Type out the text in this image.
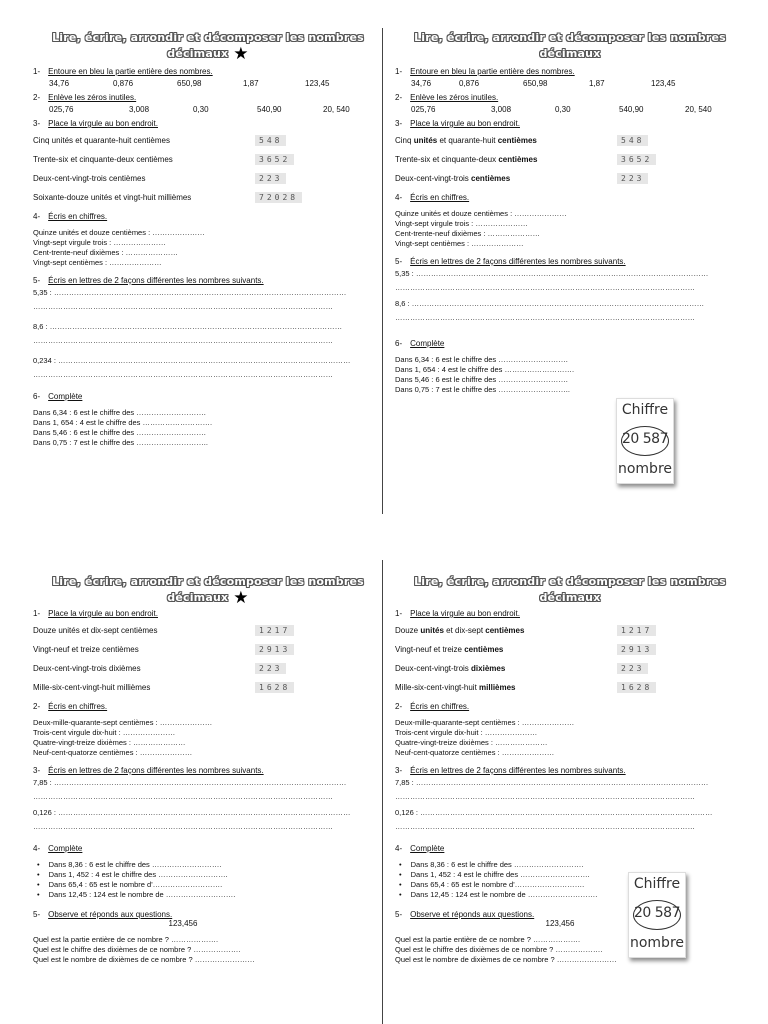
Lire, écrire, arrondir et décomposer les nombres
décimaux ★
1- Entoure en bleu la partie entière des nombres.
34,76	0,876	650,98	1,87	123,45
2- Enlève les zéros inutiles.
025,76	3,008	0,30	540,90	20, 540
3- Place la virgule au bon endroit.
Cinq unités et quarante-huit centièmes	548
Trente-six et cinquante-deux centièmes	3652
Deux-cent-vingt-trois centièmes	223
Soixante-douze unités et vingt-huit millièmes	72028
4- Écris en chiffres.
Quinze unités et douze centièmes : …………………
Vingt-sept virgule trois : …………………
Cent-trente-neuf dixièmes : …………………
Vingt-sept centièmes : …………………
5- Écris en lettres de 2 façons différentes les nombres suivants.
5,35 : ………………………………………………………………………………………………………
…………………………………………………………………………………………………………
8,6 : ………………………………………………………………………………………………………
…………………………………………………………………………………………………………
0,234 : ………………………………………………………………………………………………………
…………………………………………………………………………………………………………
6- Complète
Dans 6,34 : 6 est le chiffre des ……………………….
Dans 1, 654 : 4 est le chiffre des ……………………….
Dans 5,46 : 6 est le chiffre des ……………………….
Dans 0,75 : 7 est le chiffre des ………………………..
Lire, écrire, arrondir et décomposer les nombres
décimaux
1- Entoure en bleu la partie entière des nombres.
34,76	0,876	650,98	1,87	123,45
2- Enlève les zéros inutiles.
025,76	3,008	0,30	540,90	20, 540
3- Place la virgule au bon endroit.
Cinq unités et quarante-huit centièmes	548
Trente-six et cinquante-deux centièmes	3652
Deux-cent-vingt-trois centièmes	223
4- Écris en chiffres.
Quinze unités et douze centièmes : …………………
Vingt-sept virgule trois : …………………
Cent-trente-neuf dixièmes : …………………
Vingt-sept centièmes : …………………
5- Écris en lettres de 2 façons différentes les nombres suivants.
5,35 : ………………………………………………………………………………………………………
…………………………………………………………………………………………………………
8,6 : ………………………………………………………………………………………………………
…………………………………………………………………………………………………………
6- Complète
Dans 6,34 : 6 est le chiffre des ……………………….
Dans 1, 654 : 4 est le chiffre des ……………………….
Dans 5,46 : 6 est le chiffre des ……………………….
Dans 0,75 : 7 est le chiffre des ………………………..
Chiffre
20 587
nombre
Lire, écrire, arrondir et décomposer les nombres
décimaux ★
1- Place la virgule au bon endroit.
Douze unités et dix-sept centièmes	1217
Vingt-neuf et treize centièmes	2913
Deux-cent-vingt-trois dixièmes	223
Mille-six-cent-vingt-huit millièmes	1628
2- Écris en chiffres.
Deux-mille-quarante-sept centièmes : …………………
Trois-cent virgule dix-huit : …………………
Quatre-vingt-treize dixièmes : …………………
Neuf-cent-quatorze centièmes : …………………
3- Écris en lettres de 2 façons différentes les nombres suivants.
7,85 : ………………………………………………………………………………………………………
…………………………………………………………………………………………………………
0,126 : ………………………………………………………………………………………………………
…………………………………………………………………………………………………………
4- Complète
• Dans 8,36 : 6 est le chiffre des ……………………….
• Dans 1, 452 : 4 est le chiffre des ……………………….
• Dans 65,4 : 65 est le nombre d'……………………….
• Dans 12,45 : 124 est le nombre de ……………………….
5- Observe et réponds aux questions.
123,456
Quel est la partie entière de ce nombre ? ……………….
Quel est le chiffre des dixièmes de ce nombre ? ……………….
Quel est le nombre de dixièmes de ce nombre ? ……………………
Lire, écrire, arrondir et décomposer les nombres
décimaux
1- Place la virgule au bon endroit.
Douze unités et dix-sept centièmes	1217
Vingt-neuf et treize centièmes	2913
Deux-cent-vingt-trois dixièmes	223
Mille-six-cent-vingt-huit millièmes	1628
2- Écris en chiffres.
Deux-mille-quarante-sept centièmes : …………………
Trois-cent virgule dix-huit : …………………
Quatre-vingt-treize dixièmes : …………………
Neuf-cent-quatorze centièmes : …………………
3- Écris en lettres de 2 façons différentes les nombres suivants.
7,85 : ………………………………………………………………………………………………………
…………………………………………………………………………………………………………
0,126 : ………………………………………………………………………………………………………
…………………………………………………………………………………………………………
4- Complète
• Dans 8,36 : 6 est le chiffre des ……………………….
• Dans 1, 452 : 4 est le chiffre des ……………………….
• Dans 65,4 : 65 est le nombre d'……………………….
• Dans 12,45 : 124 est le nombre de ……………………….
5- Observe et réponds aux questions.
123,456
Quel est la partie entière de ce nombre ? ……………….
Quel est le chiffre des dixièmes de ce nombre ? ……………….
Quel est le nombre de dixièmes de ce nombre ? ……………………
Chiffre
20 587
nombre
